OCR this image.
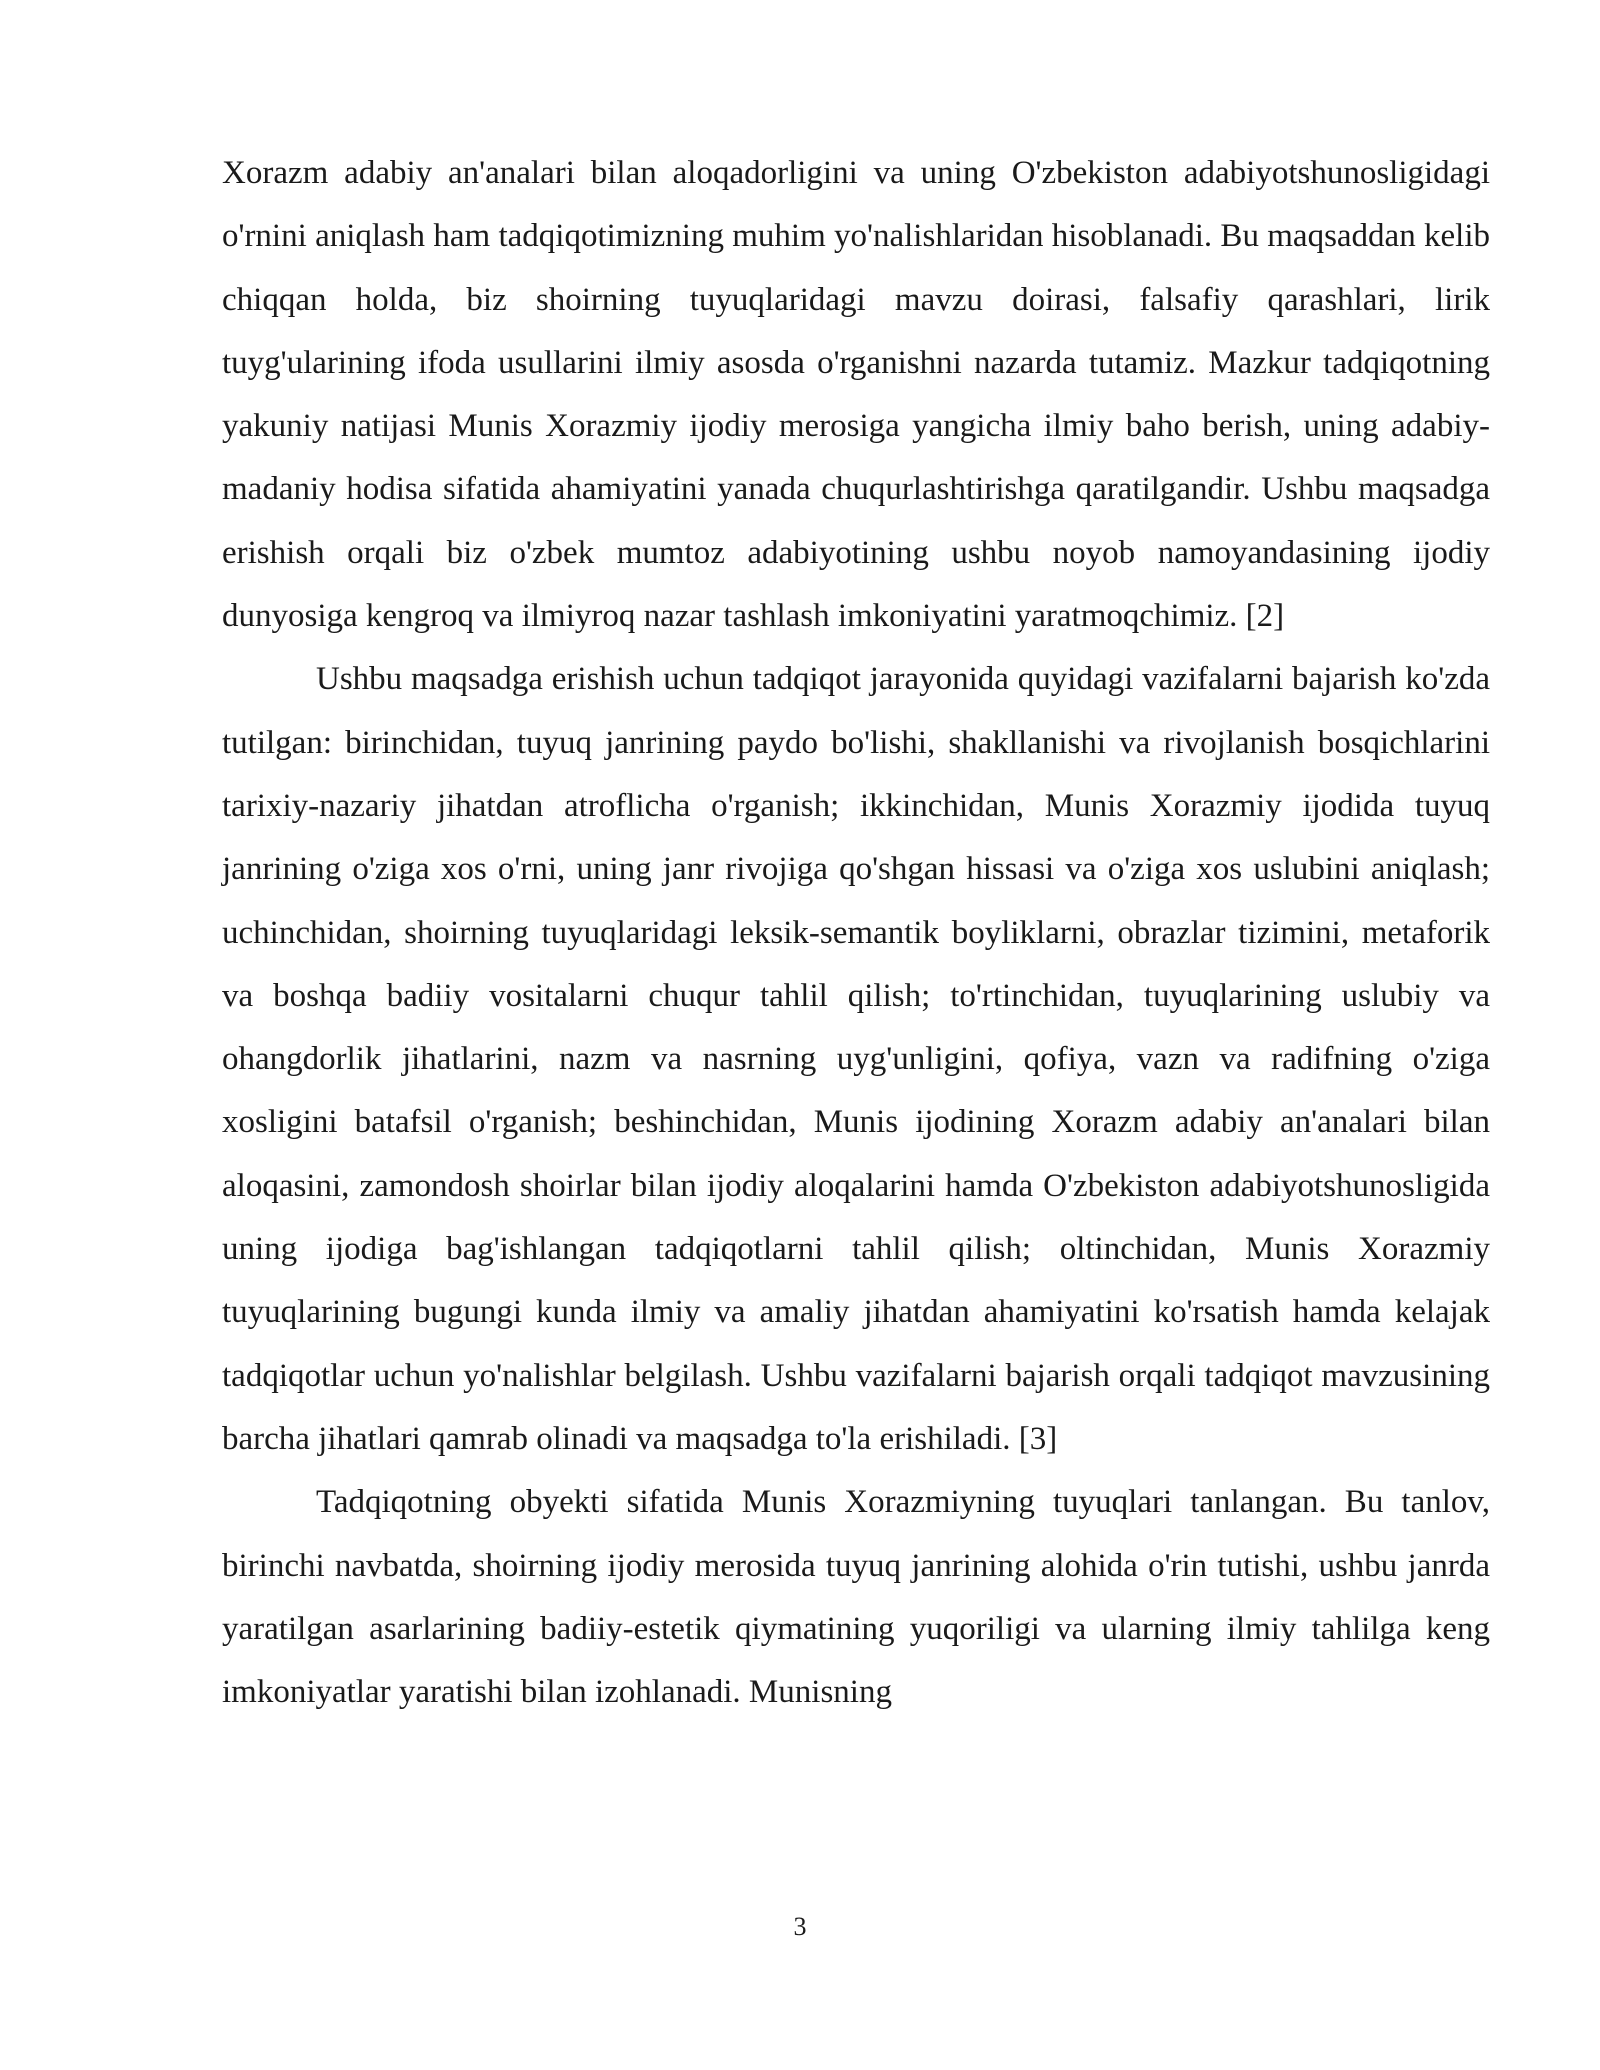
Xorazm adabiy an'analari bilan aloqadorligini va uning O'zbekiston adabiyotshunosligidagi o'rnini aniqlash ham tadqiqotimizning muhim yo'nalishlaridan hisoblanadi. Bu maqsaddan kelib chiqqan holda, biz shoirning tuyuqlaridagi mavzu doirasi, falsafiy qarashlari, lirik tuyg'ularining ifoda usullarini ilmiy asosda o'rganishni nazarda tutamiz. Mazkur tadqiqotning yakuniy natijasi Munis Xorazmiy ijodiy merosiga yangicha ilmiy baho berish, uning adabiy-madaniy hodisa sifatida ahamiyatini yanada chuqurlashtirishga qaratilgandir. Ushbu maqsadga erishish orqali biz o'zbek mumtoz adabiyotining ushbu noyob namoyandasining ijodiy dunyosiga kengroq va ilmiyroq nazar tashlash imkoniyatini yaratmoqchimiz. [2]

Ushbu maqsadga erishish uchun tadqiqot jarayonida quyidagi vazifalarni bajarish ko'zda tutilgan: birinchidan, tuyuq janrining paydo bo'lishi, shakllanishi va rivojlanish bosqichlarini tarixiy-nazariy jihatdan atroflicha o'rganish; ikkinchidan, Munis Xorazmiy ijodida tuyuq janrining o'ziga xos o'rni, uning janr rivojiga qo'shgan hissasi va o'ziga xos uslubini aniqlash; uchinchidan, shoirning tuyuqlaridagi leksik-semantik boyliklarni, obrazlar tizimini, metaforik va boshqa badiiy vositalarni chuqur tahlil qilish; to'rtinchidan, tuyuqlarining uslubiy va ohangdorlik jihatlarini, nazm va nasrning uyg'unligini, qofiya, vazn va radifning o'ziga xosligini batafsil o'rganish; beshinchidan, Munis ijodining Xorazm adabiy an'analari bilan aloqasini, zamondosh shoirlar bilan ijodiy aloqalarini hamda O'zbekiston adabiyotshunosligida uning ijodiga bag'ishlangan tadqiqotlarni tahlil qilish; oltinchidan, Munis Xorazmiy tuyuqlarining bugungi kunda ilmiy va amaliy jihatdan ahamiyatini ko'rsatish hamda kelajak tadqiqotlar uchun yo'nalishlar belgilash. Ushbu vazifalarni bajarish orqali tadqiqot mavzusining barcha jihatlari qamrab olinadi va maqsadga to'la erishiladi. [3]

Tadqiqotning obyekti sifatida Munis Xorazmiyning tuyuqlari tanlangan. Bu tanlov, birinchi navbatda, shoirning ijodiy merosida tuyuq janrining alohida o'rin tutishi, ushbu janrda yaratilgan asarlarining badiiy-estetik qiymatining yuqoriligi va ularning ilmiy tahlilga keng imkoniyatlar yaratishi bilan izohlanadi. Munisning

3
